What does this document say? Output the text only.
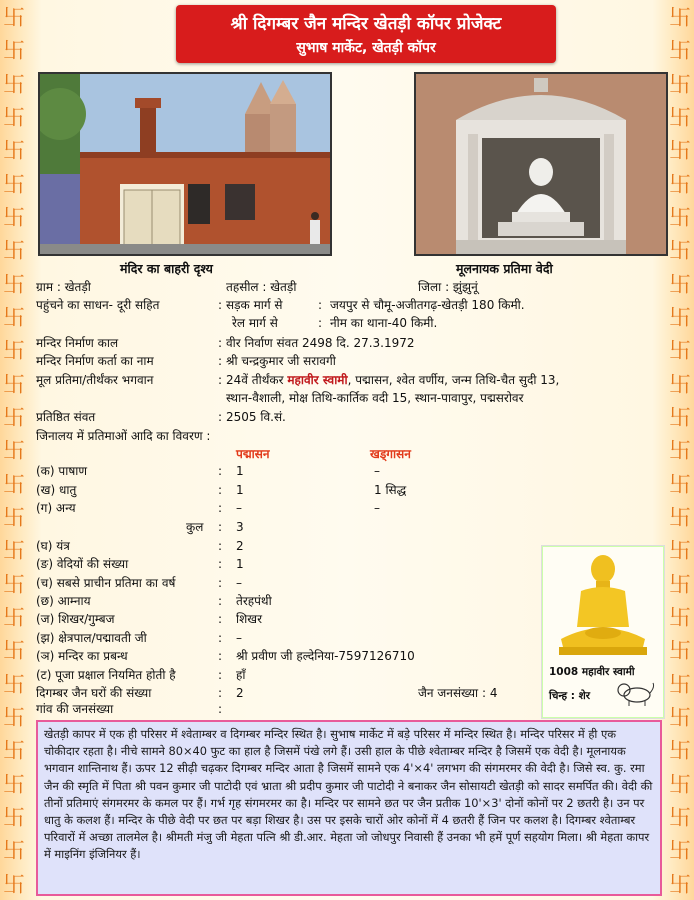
卐
卐
卐
卐
卐
卐
卐
卐
卐
卐
卐
卐
卐
卐
卐
卐
卐
卐
卐
卐
卐
卐
卐
卐
卐
卐
卐
卐
卐
卐
卐
卐
卐
卐
卐
卐
卐
卐
卐
卐
卐
卐
卐
卐
卐
卐
卐
卐
卐
卐
卐
卐
卐
卐
श्री दिगम्बर जैन मन्दिर खेतड़ी कॉपर प्रोजेक्ट
सुभाष मार्केट, खेतड़ी कॉपर
मंदिर का बाहरी दृश्य	मूलनायक प्रतिमा वेदी
ग्राम : खेतड़ी	तहसील : खेतड़ी	जिला : झुंझुनूं
पहुंचने का साधन- दूरी सहित	: सड़क मार्ग से	: जयपुर से चौमू-अजीतगढ़-खेतड़ी 180 किमी.
रेल मार्ग से	: नीम का थाना-40 किमी.
मन्दिर निर्माण काल	: वीर निर्वाण संवत 2498 दि. 27.3.1972
मन्दिर निर्माण कर्ता का नाम	: श्री चन्द्रकुमार जी सरावगी
मूल प्रतिमा/तीर्थंकर भगवान	: 24वें तीर्थंकर महावीर स्वामी, पद्मासन, श्वेत वर्णीय, जन्म तिथि-चैत सुदी 13,
स्थान-वैशाली, मोक्ष तिथि-कार्तिक वदी 15, स्थान-पावापुर, पद्मसरोवर
प्रतिष्ठित संवत	: 2505 वि.सं.
जिनालय में प्रतिमाओं आदि का विवरण :
पद्मासन	खड्गासन
(क) पाषाण	: 1	–
(ख) धातु	: 1	1 सिद्ध
(ग) अन्य	: –	–
कुल : 3
(घ) यंत्र	: 2
(ङ) वेदियों की संख्या	: 1
(च) सबसे प्राचीन प्रतिमा का वर्ष	: –
(छ) आम्नाय	: तेरहपंथी
(ज) शिखर/गुम्बज	: शिखर
(झ) क्षेत्रपाल/पद्मावती जी	: –
(ञ) मन्दिर का प्रबन्ध	: श्री प्रवीण जी हल्देनिया-7597126710
(ट) पूजा प्रक्षाल नियमित होती है	: हाँ
दिगम्बर जैन घरों की संख्या	: 2
गांव की जनसंख्या	:
जैन जनसंख्या : 4
1008 महावीर स्वामी
चिन्ह : शेर
खेतड़ी कापर में एक ही परिसर में श्वेताम्बर व दिगम्बर मन्दिर स्थित है। सुभाष मार्केट में बड़े परिसर में मन्दिर स्थित है। मन्दिर परिसर में ही एक चोकीदार रहता है। नीचे सामने 80×40 फुट का हाल है जिसमें पंखे लगे हैं। उसी हाल के पीछे श्वेताम्बर मन्दिर है जिसमें एक वेदी है। मूलनायक भगवान शान्तिनाथ हैं। ऊपर 12 सीढ़ी चढ़कर दिगम्बर मन्दिर आता है जिसमें सामने एक 4'×4' लगभग की संगमरमर की वेदी है। जिसे स्व. कु. रमा जैन की स्मृति में पिता श्री पवन कुमार जी पाटोदी एवं भ्राता श्री प्रदीप कुमार जी पाटोदी ने बनाकर जैन सोसायटी खेतड़ी को सादर समर्पित की। वेदी की तीनों प्रतिमाएं संगमरमर के कमल पर हैं। गर्भ गृह संगमरमर का है। मन्दिर पर सामने छत पर जैन प्रतीक 10'×3' दोनों कोनों पर 2 छतरी है। उन पर धातु के कलश हैं। मन्दिर के पीछे वेदी पर छत पर बड़ा शिखर है। उस पर इसके चारों ओर कोनों में 4 छतरी हैं जिन पर कलश है। दिगम्बर श्वेताम्बर परिवारों में अच्छा तालमेल है। श्रीमती मंजु जी मेहता पत्नि श्री डी.आर. मेहता जो जोधपुर निवासी हैं उनका भी हमें पूर्ण सहयोग मिला। श्री मेहता कापर में माइनिंग इंजिनियर हैं।
